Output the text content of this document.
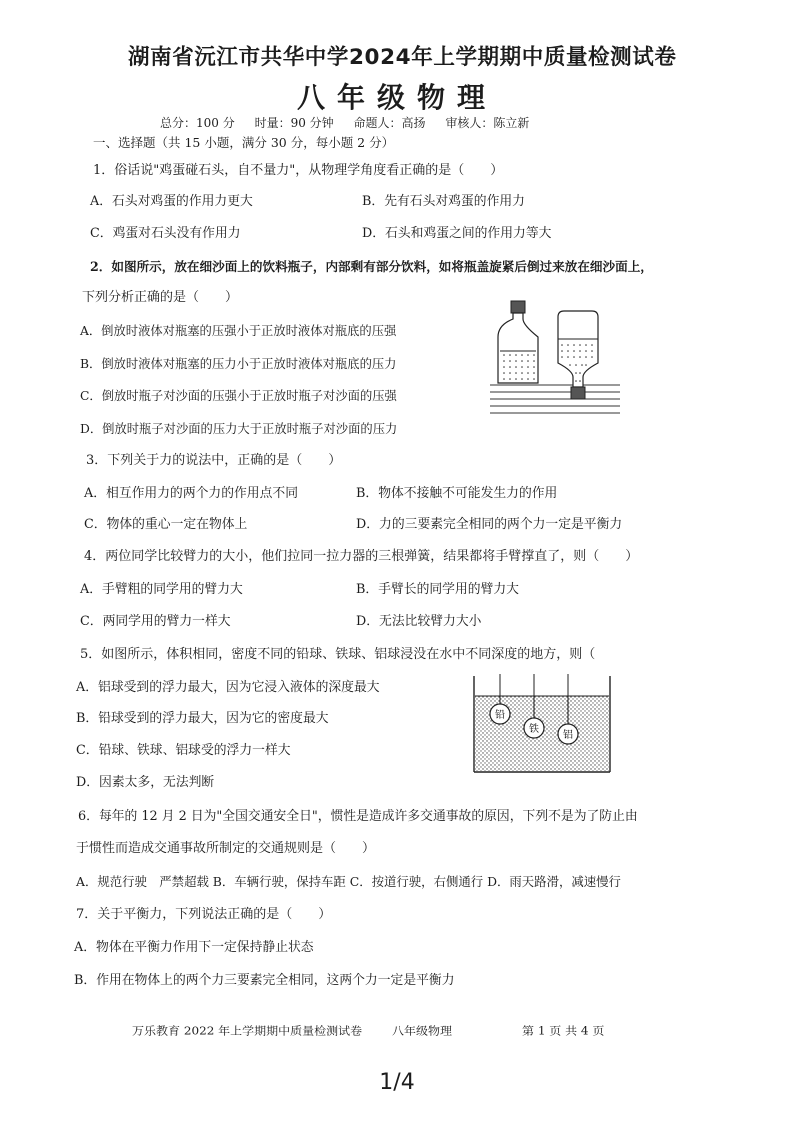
湖南省沅江市共华中学2024年上学期期中质量检测试卷
八年级物理
总分：100 分 时量：90 分钟 命题人：高扬 审核人：陈立新
一、选择题（共 15 小题，满分 30 分，每小题 2 分）
1．俗话说"鸡蛋碰石头，自不量力"，从物理学角度看正确的是（　　）
A．石头对鸡蛋的作用力更大	B．先有石头对鸡蛋的作用力
C．鸡蛋对石头没有作用力	D．石头和鸡蛋之间的作用力等大
2．如图所示，放在细沙面上的饮料瓶子，内部剩有部分饮料，如将瓶盖旋紧后倒过来放在细沙面上，
下列分析正确的是（　　）
A．倒放时液体对瓶塞的压强小于正放时液体对瓶底的压强
B．倒放时液体对瓶塞的压力小于正放时液体对瓶底的压力
C．倒放时瓶子对沙面的压强小于正放时瓶子对沙面的压强
D．倒放时瓶子对沙面的压力大于正放时瓶子对沙面的压力
3．下列关于力的说法中，正确的是（　　）
A．相互作用力的两个力的作用点不同	B．物体不接触不可能发生力的作用
C．物体的重心一定在物体上	D．力的三要素完全相同的两个力一定是平衡力
4．两位同学比较臂力的大小，他们拉同一拉力器的三根弹簧，结果都将手臂撑直了，则（　　）
A．手臂粗的同学用的臂力大	B．手臂长的同学用的臂力大
C．两同学用的臂力一样大	D．无法比较臂力大小
5．如图所示，体积相同，密度不同的铅球、铁球、铝球浸没在水中不同深度的地方，则（
A．铝球受到的浮力最大，因为它浸入液体的深度最大
B．铅球受到的浮力最大，因为它的密度最大
C．铅球、铁球、铝球受的浮力一样大
D．因素太多，无法判断
铅
铁
铝
6．每年的 12 月 2 日为"全国交通安全日"，惯性是造成许多交通事故的原因，下列不是为了防止由
于惯性而造成交通事故所制定的交通规则是（　　）
A．规范行驶　严禁超载 B．车辆行驶，保持车距 C．按道行驶，右侧通行 D．雨天路滑，减速慢行
7．关于平衡力，下列说法正确的是（　　）
A．物体在平衡力作用下一定保持静止状态
B．作用在物体上的两个力三要素完全相同，这两个力一定是平衡力
万乐教育 2022 年上学期期中质量检测试卷 八年级物理	第 1 页 共 4 页
1/4
